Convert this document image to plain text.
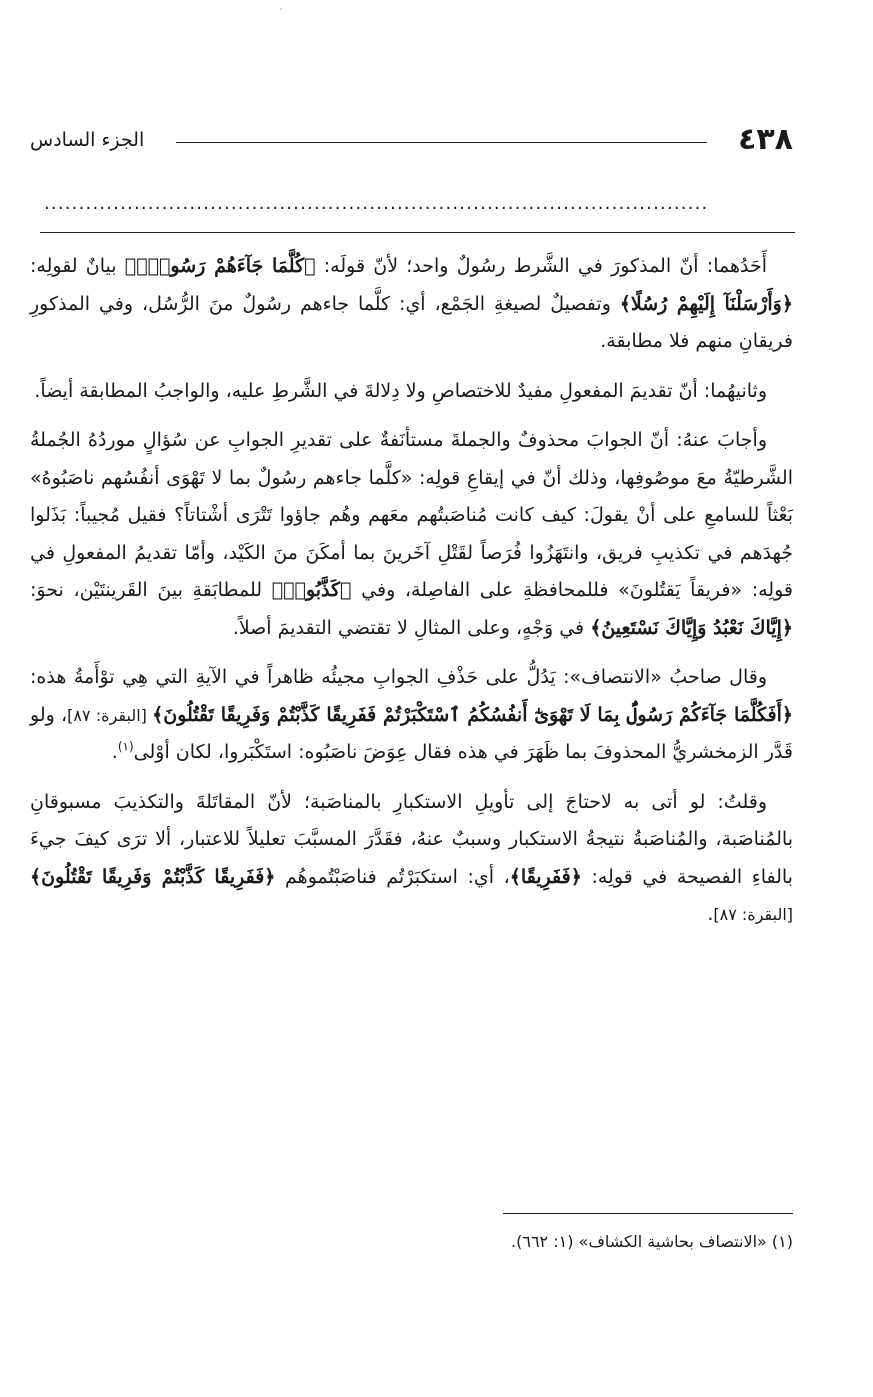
٤٣٨
الجزء السادس
................................................................................................

أَحَدُهما: أنّ المذكورَ في الشَّرط رسُولٌ واحد؛ لأنّ قولَه: ﴿كُلَّمَا جَآءَهُمْ رَسُولٌۢ﴾ بيانٌ لقولِه: ﴿وَأَرْسَلْنَآ إِلَيْهِمْ رُسُلًا﴾ وتفصيلٌ لصيغةِ الجَمْع، أي: كلَّما جاءهم رسُولٌ منَ الرُّسُل، وفي المذكورِ فريقانِ منهم فلا مطابقة.

وثانيهُما: أنّ تقديمَ المفعولِ مفيدٌ للاختصاصِ ولا دِلالةَ في الشَّرطِ عليه، والواجبُ المطابقة أيضاً.

وأجابَ عنهُ: أنّ الجوابَ محذوفٌ والجملةَ مستأنَفةٌ على تقديرِ الجوابِ عن سُؤالٍ موردُهُ الجُملةُ الشَّرطيّةُ معَ موصُوفِها، وذلك أنّ في إيقاعِ قولِه: «كلَّما جاءهم رسُولٌ بما لا تَهْوَى أنفُسُهم ناصَبُوهُ» بَعْثاً للسامعِ على أنْ يقولَ: كيف كانت مُناصَبتُهم معَهم وهُم جاؤوا تَتْرَى أشْتاتاً؟ فقيل مُجيباً: بَذَلوا جُهدَهم في تكذيبِ فريق، وانتَهَزُوا فُرَصاً لقَتْلِ آخَرينَ بما أمكَنَ منَ الكَيْد، وأمّا تقديمُ المفعولِ في قولِه: «فريقاً يَقتُلونَ» فللمحافظةِ على الفاصِلة، وفي ﴿كَذَّبُوا۟﴾ للمطابَقةِ بينَ القَرينتَيْن، نحوَ: ﴿إِيَّاكَ نَعْبُدُ وَإِيَّاكَ نَسْتَعِينُ﴾ في وَجْهٍ، وعلى المثالِ لا تقتضي التقديمَ أصلاً.

وقال صاحبُ «الانتصاف»: يَدُلُّ على حَذْفِ الجوابِ مجيئُه ظاهراً في الآيةِ التي هِي توْأَمةُ هذه: ﴿أَفَكُلَّمَا جَآءَكُمْ رَسُولٌۢ بِمَا لَا تَهْوَىٰٓ أَنفُسُكُمُ ٱسْتَكْبَرْتُمْ فَفَرِيقًا كَذَّبْتُمْ وَفَرِيقًا تَقْتُلُونَ﴾ [البقرة: ٨٧]، ولو قَدَّر الزمخشريُّ المحذوفَ بما ظَهَرَ في هذه فقال عِوَضَ ناصَبُوه: استَكْبَروا، لكان أوْلى$^{(١)}$.

وقلتُ: لو أتى به لاحتاجَ إلى تأويلِ الاستكبارِ بالمناصَبة؛ لأنّ المقاتَلةَ والتكذيبَ مسبوقانِ بالمُناصَبة، والمُناصَبةُ نتيجةُ الاستكبار وسببٌ عنهُ، فقَدَّرَ المسبَّبَ تعليلاً للاعتبار، ألا ترَى كيفَ جيءَ بالفاءِ الفصيحة في قولِه: ﴿فَفَرِيقًا﴾، أي: استكبَرْتُم فناصَبْتُموهُم ﴿فَفَرِيقًا كَذَّبْتُمْ وَفَرِيقًا تَقْتُلُونَ﴾ [البقرة: ٨٧].

(١) «الانتصاف بحاشية الكشاف» (١: ٦٦٢).
